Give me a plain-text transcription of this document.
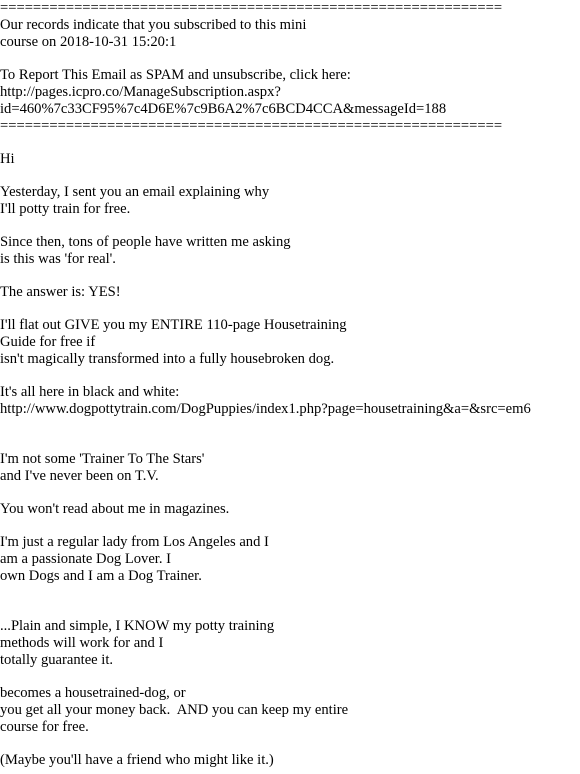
=============================================================
Our records indicate that you subscribed to this mini
course on 2018-10-31 15:20:1
To Report This Email as SPAM and unsubscribe, click here:
http://pages.icpro.co/ManageSubscription.aspx?
id=460%7c33CF95%7c4D6E%7c9B6A2%7c6BCD4CCA&messageId=188
=============================================================
Hi
Yesterday, I sent you an email explaining why
I'll potty train for free.
Since then, tons of people have written me asking
is this was 'for real'.
The answer is: YES!
I'll flat out GIVE you my ENTIRE 110-page Housetraining
Guide for free if
isn't magically transformed into a fully housebroken dog.
It's all here in black and white:
http://www.dogpottytrain.com/DogPuppies/index1.php?page=housetraining&a=&src=em6
I'm not some 'Trainer To The Stars'
and I've never been on T.V.
You won't read about me in magazines.
I'm just a regular lady from Los Angeles and I
am a passionate Dog Lover. I
own Dogs and I am a Dog Trainer.
...Plain and simple, I KNOW my potty training
methods will work for and I
totally guarantee it.
becomes a housetrained-dog, or
you get all your money back.  AND you can keep my entire
course for free.
(Maybe you'll have a friend who might like it.)
